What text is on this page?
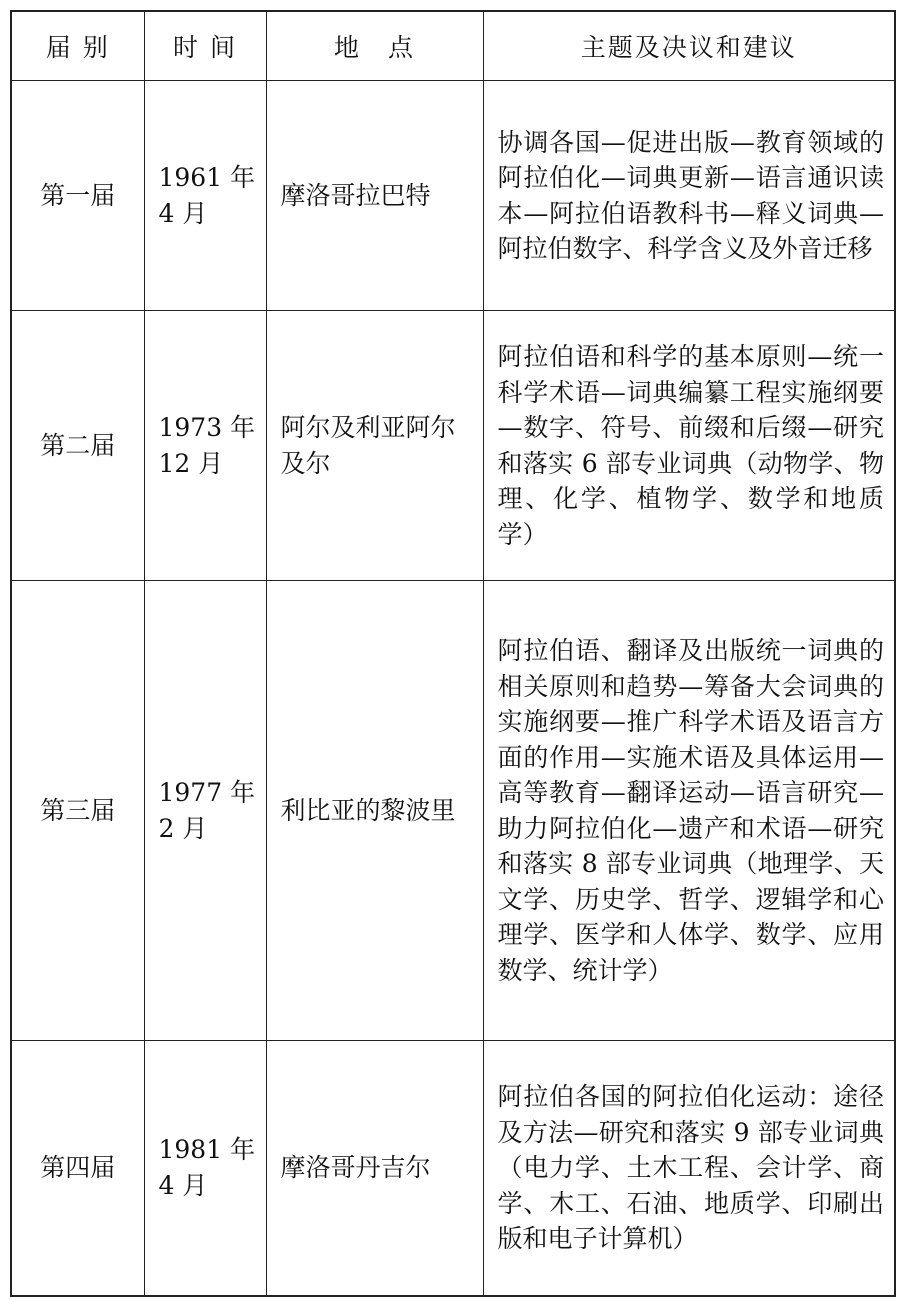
届 别	时 间	地　点	主题及决议和建议
第一届	1961 年 4 月	摩洛哥拉巴特	协调各国—促进出版—教育领域的阿拉伯化—词典更新—语言通识读本—阿拉伯语教科书—释义词典—阿拉伯数字、科学含义及外音迁移
第二届	1973 年 12 月	阿尔及利亚阿尔及尔	阿拉伯语和科学的基本原则—统一科学术语—词典编纂工程实施纲要—数字、符号、前缀和后缀—研究和落实 6 部专业词典（动物学、物理、化学、植物学、数学和地质学）
第三届	1977 年 2 月	利比亚的黎波里	阿拉伯语、翻译及出版统一词典的相关原则和趋势—筹备大会词典的实施纲要—推广科学术语及语言方面的作用—实施术语及具体运用—高等教育—翻译运动—语言研究—助力阿拉伯化—遗产和术语—研究和落实 8 部专业词典（地理学、天文学、历史学、哲学、逻辑学和心理学、医学和人体学、数学、应用数学、统计学）
第四届	1981 年 4 月	摩洛哥丹吉尔	阿拉伯各国的阿拉伯化运动：途径及方法—研究和落实 9 部专业词典（电力学、土木工程、会计学、商学、木工、石油、地质学、印刷出版和电子计算机）
